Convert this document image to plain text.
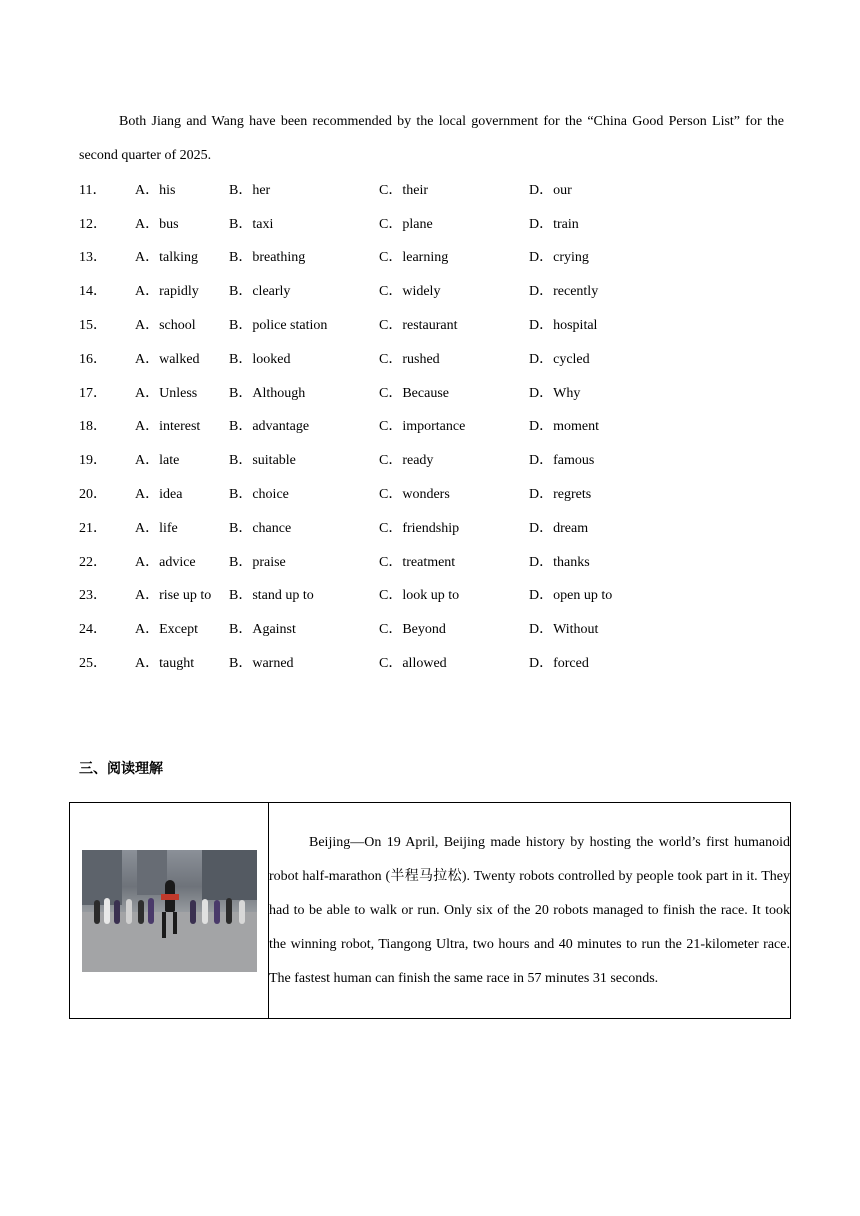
Both Jiang and Wang have been recommended by the local government for the “China Good Person List” for the second quarter of 2025.
11．	A．his	B．her	C．their	D．our
12．	A．bus	B．taxi	C．plane	D．train
13．	A．talking	B．breathing	C．learning	D．crying
14．	A．rapidly	B．clearly	C．widely	D．recently
15．	A．school	B．police station	C．restaurant	D．hospital
16．	A．walked	B．looked	C．rushed	D．cycled
17．	A．Unless	B．Although	C．Because	D．Why
18．	A．interest	B．advantage	C．importance	D．moment
19．	A．late	B．suitable	C．ready	D．famous
20．	A．idea	B．choice	C．wonders	D．regrets
21．	A．life	B．chance	C．friendship	D．dream
22．	A．advice	B．praise	C．treatment	D．thanks
23．	A．rise up to	B．stand up to	C．look up to	D．open up to
24．	A．Except	B．Against	C．Beyond	D．Without
25．	A．taught	B．warned	C．allowed	D．forced
三、阅读理解

Beijing—On 19 April, Beijing made history by hosting the world’s first humanoid robot half-marathon (半程马拉松). Twenty robots controlled by people took part in it. They had to be able to walk or run. Only six of the 20 robots managed to finish the race. It took the winning robot, Tiangong Ultra, two hours and 40 minutes to run the 21-kilometer race. The fastest human can finish the same race in 57 minutes 31 seconds.
